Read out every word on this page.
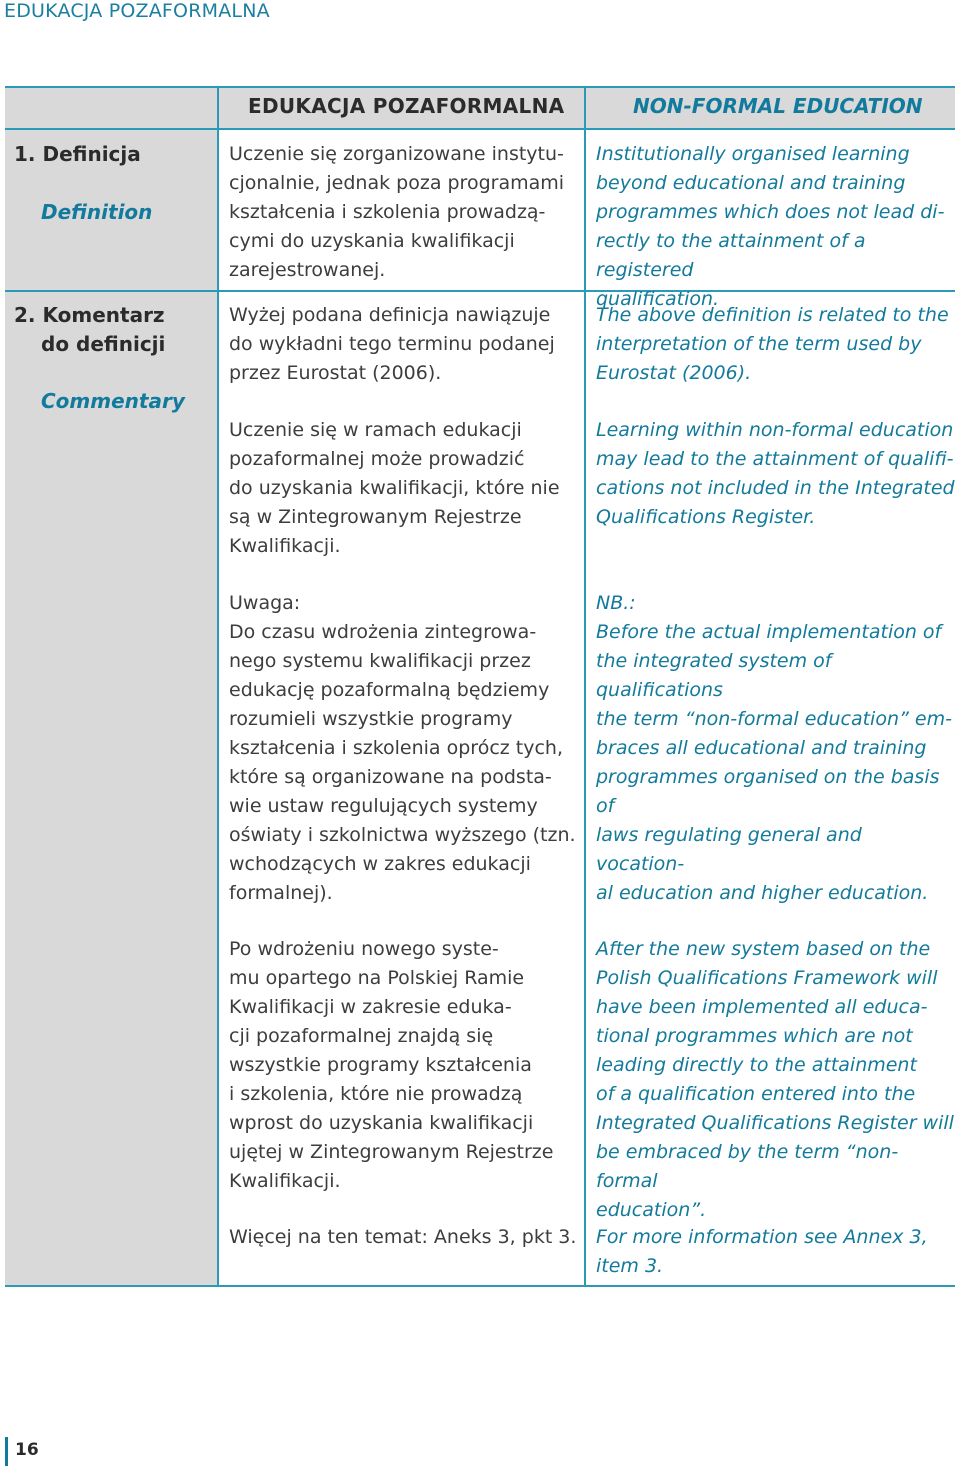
EDUKACJA POZAFORMALNA
EDUKACJA POZAFORMALNA	NON-FORMAL EDUCATION
1. Definicja
Definition
2. Komentarz
do definicji
Commentary
Uczenie się zorganizowane instytu-
cjonalnie, jednak poza programami
kształcenia i szkolenia prowadzą-
cymi do uzyskania kwalifikacji
zarejestrowanej.
Institutionally organised learning
beyond educational and training
programmes which does not lead di-
rectly to the attainment of a registered
qualification.
Wyżej podana definicja nawiązuje
do wykładni tego terminu podanej
przez Eurostat (2006).
The above definition is related to the
interpretation of the term used by
Eurostat (2006).
Uczenie się w ramach edukacji
pozaformalnej może prowadzić
do uzyskania kwalifikacji, które nie
są w Zintegrowanym Rejestrze
Kwalifikacji.
Learning within non-formal education
may lead to the attainment of qualifi-
cations not included in the Integrated
Qualifications Register.
Uwaga:
Do czasu wdrożenia zintegrowa-
nego systemu kwalifikacji przez
edukację pozaformalną będziemy
rozumieli wszystkie programy
kształcenia i szkolenia oprócz tych,
które są organizowane na podsta-
wie ustaw regulujących systemy
oświaty i szkolnictwa wyższego (tzn.
wchodzących w zakres edukacji
formalnej).
NB.:
Before the actual implementation of
the integrated system of qualifications
the term “non-formal education” em-
braces all educational and training
programmes organised on the basis of
laws regulating general and vocation-
al education and higher education.
Po wdrożeniu nowego syste-
mu opartego na Polskiej Ramie
Kwalifikacji w zakresie eduka-
cji pozaformalnej znajdą się
wszystkie programy kształcenia
i szkolenia, które nie prowadzą
wprost do uzyskania kwalifikacji
ujętej w Zintegrowanym Rejestrze
Kwalifikacji.
After the new system based on the
Polish Qualifications Framework will
have been implemented all educa-
tional programmes which are not
leading directly to the attainment
of a qualification entered into the
Integrated Qualifications Register will
be embraced by the term “non-formal
education”.
Więcej na ten temat: Aneks 3, pkt 3.	For more information see Annex 3,
item 3.
16
